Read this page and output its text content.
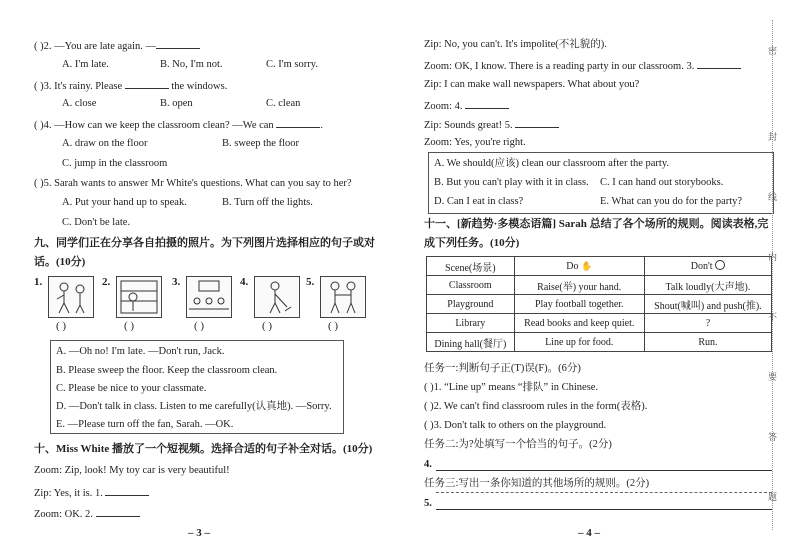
( )2. —You are late again. —
A. I'm late.	B. No, I'm not.	C. I'm sorry.
( )3. It's rainy. Please	the windows.
A. close	B. open	C. clean
( )4. —How can we keep the classroom clean? —We can	.
A. draw on the floor	B. sweep the floor
C. jump in the classroom
( )5. Sarah wants to answer Mr White's questions. What can you say to her?
A. Put your hand up to speak.	B. Turn off the lights.
C. Don't be late.
九、同学们正在分享各自拍摄的照片。为下列图片选择相应的句子或对
话。(10分)
1.
( )
2.
( )
3.
( )
4.
( )
5.
( )
A. —Oh no! I'm late. —Don't run, Jack.
B. Please sweep the floor. Keep the classroom clean.
C. Please be nice to your classmate.
D. —Don't talk in class. Listen to me carefully(认真地). —Sorry.
E. —Please turn off the fan, Sarah. —OK.
十、Miss White 播放了一个短视频。选择合适的句子补全对话。(10分)
Zoom: Zip, look! My toy car is very beautiful!
Zip: Yes, it is. 1.
Zoom: OK. 2.
– 3 –
Zip: No, you can't. It's impolite(不礼貌的).
Zoom: OK, I know. There is a reading party in our classroom. 3.
Zip: I can make wall newspapers. What about you?
Zoom: 4.
Zip: Sounds great! 5.
Zoom: Yes, you're right.
A. We should(应该) clean our classroom after the party.
B. But you can't play with it in class. C. I can hand out storybooks.
D. Can I eat in class?	E. What can you do for the party?
十一、[新趋势·多模态语篇] Sarah 总结了各个场所的规则。阅读表格,完
成下列任务。(10分)
Scene(场景)	Do ✋	Don't
Classroom	Raise(举) your hand.	Talk loudly(大声地).
Playground	Play football together.	Shout(喊叫) and push(推).
Library	Read books and keep quiet.	?
Dining hall(餐厅)	Line up for food.	Run.
任务一:判断句子正(T)误(F)。(6分)
( )1. “Line up” means “排队” in Chinese.
( )2. We can't find classroom rules in the form(表格).
( )3. Don't talk to others on the playground.
任务二:为?处填写一个恰当的句子。(2分)
4.
任务三:写出一条你知道的其他场所的规则。(2分)
5.
– 4 –
密
封
线
内
不
要
答
题
